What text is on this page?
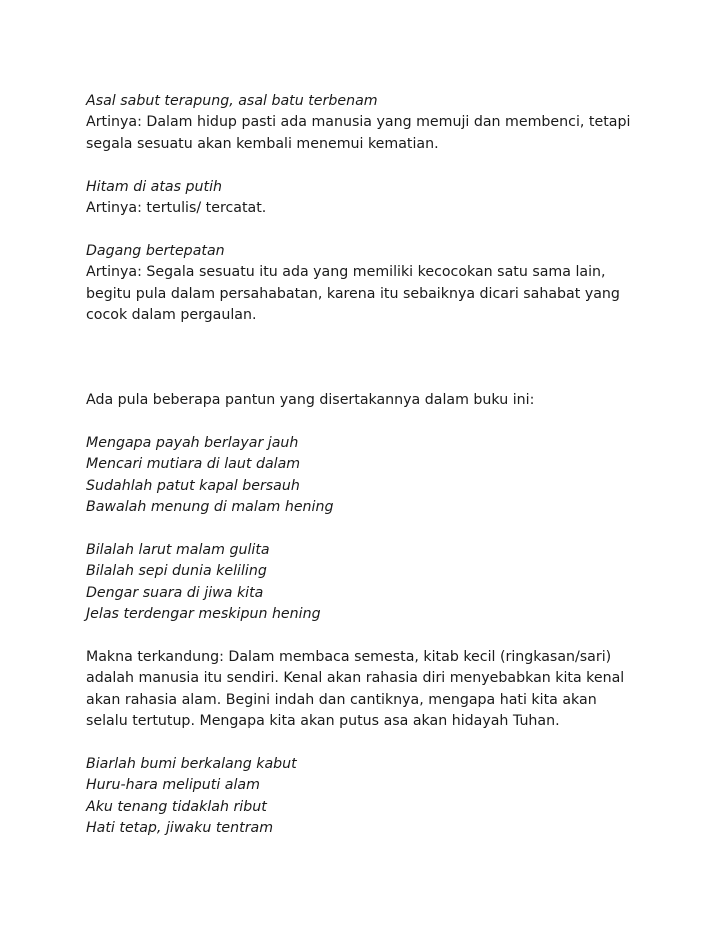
Asal sabut terapung, asal batu terbenam
Artinya: Dalam hidup pasti ada manusia yang memuji dan membenci, tetapi
segala sesuatu akan kembali menemui kematian.
Hitam di atas putih
Artinya: tertulis/ tercatat.
Dagang bertepatan
Artinya: Segala sesuatu itu ada yang memiliki kecocokan satu sama lain,
begitu pula dalam persahabatan, karena itu sebaiknya dicari sahabat yang
cocok dalam pergaulan.
Ada pula beberapa pantun yang disertakannya dalam buku ini:
Mengapa payah berlayar jauh
Mencari mutiara di laut dalam
Sudahlah patut kapal bersauh
Bawalah menung di malam hening
Bilalah larut malam gulita
Bilalah sepi dunia keliling
Dengar suara di jiwa kita
Jelas terdengar meskipun hening
Makna terkandung: Dalam membaca semesta, kitab kecil (ringkasan/sari)
adalah manusia itu sendiri. Kenal akan rahasia diri menyebabkan kita kenal
akan rahasia alam. Begini indah dan cantiknya, mengapa hati kita akan
selalu tertutup. Mengapa kita akan putus asa akan hidayah Tuhan.
Biarlah bumi berkalang kabut
Huru-hara meliputi alam
Aku tenang tidaklah ribut
Hati tetap, jiwaku tentram
